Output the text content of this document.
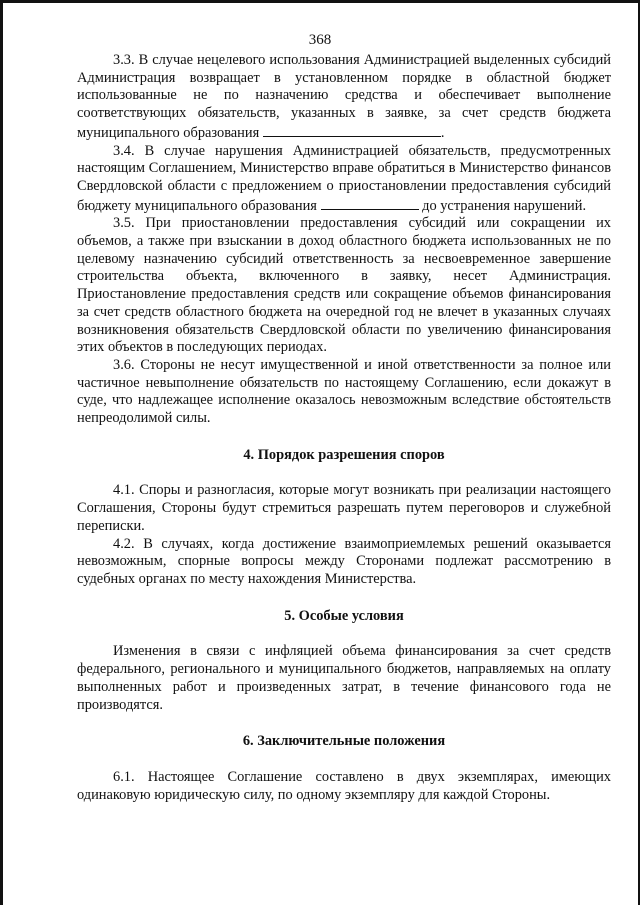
368

3.3. В случае нецелевого использования Администрацией выделенных субсидий Администрация возвращает в установленном порядке в областной бюджет использованные не по назначению средства и обеспечивает выполнение соответствующих обязательств, указанных в заявке, за счет средств бюджета муниципального образования	.

3.4. В случае нарушения Администрацией обязательств, предусмотренных настоящим Соглашением, Министерство вправе обратиться в Министерство финансов Свердловской области с предложением о приостановлении предоставления субсидий бюджету муниципального образования	до устранения нарушений.

3.5. При приостановлении предоставления субсидий или сокращении их объемов, а также при взыскании в доход областного бюджета использованных не по целевому назначению субсидий ответственность за несвоевременное завершение строительства объекта, включенного в заявку, несет Администрация. Приостановление предоставления средств или сокращение объемов финансирования за счет средств областного бюджета на очередной год не влечет в указанных случаях возникновения обязательств Свердловской области по увеличению финансирования этих объектов в последующих периодах.

3.6. Стороны не несут имущественной и иной ответственности за полное или частичное невыполнение обязательств по настоящему Соглашению, если докажут в суде, что надлежащее исполнение оказалось невозможным вследствие обстоятельств непреодолимой силы.

4. Порядок разрешения споров

4.1. Споры и разногласия, которые могут возникать при реализации настоящего Соглашения, Стороны будут стремиться разрешать путем переговоров и служебной переписки.

4.2. В случаях, когда достижение взаимоприемлемых решений оказывается невозможным, спорные вопросы между Сторонами подлежат рассмотрению в судебных органах по месту нахождения Министерства.

5. Особые условия

Изменения в связи с инфляцией объема финансирования за счет средств федерального, регионального и муниципального бюджетов, направляемых на оплату выполненных работ и произведенных затрат, в течение финансового года не производятся.

6. Заключительные положения

6.1. Настоящее Соглашение составлено в двух экземплярах, имеющих одинаковую юридическую силу, по одному экземпляру для каждой Стороны.
